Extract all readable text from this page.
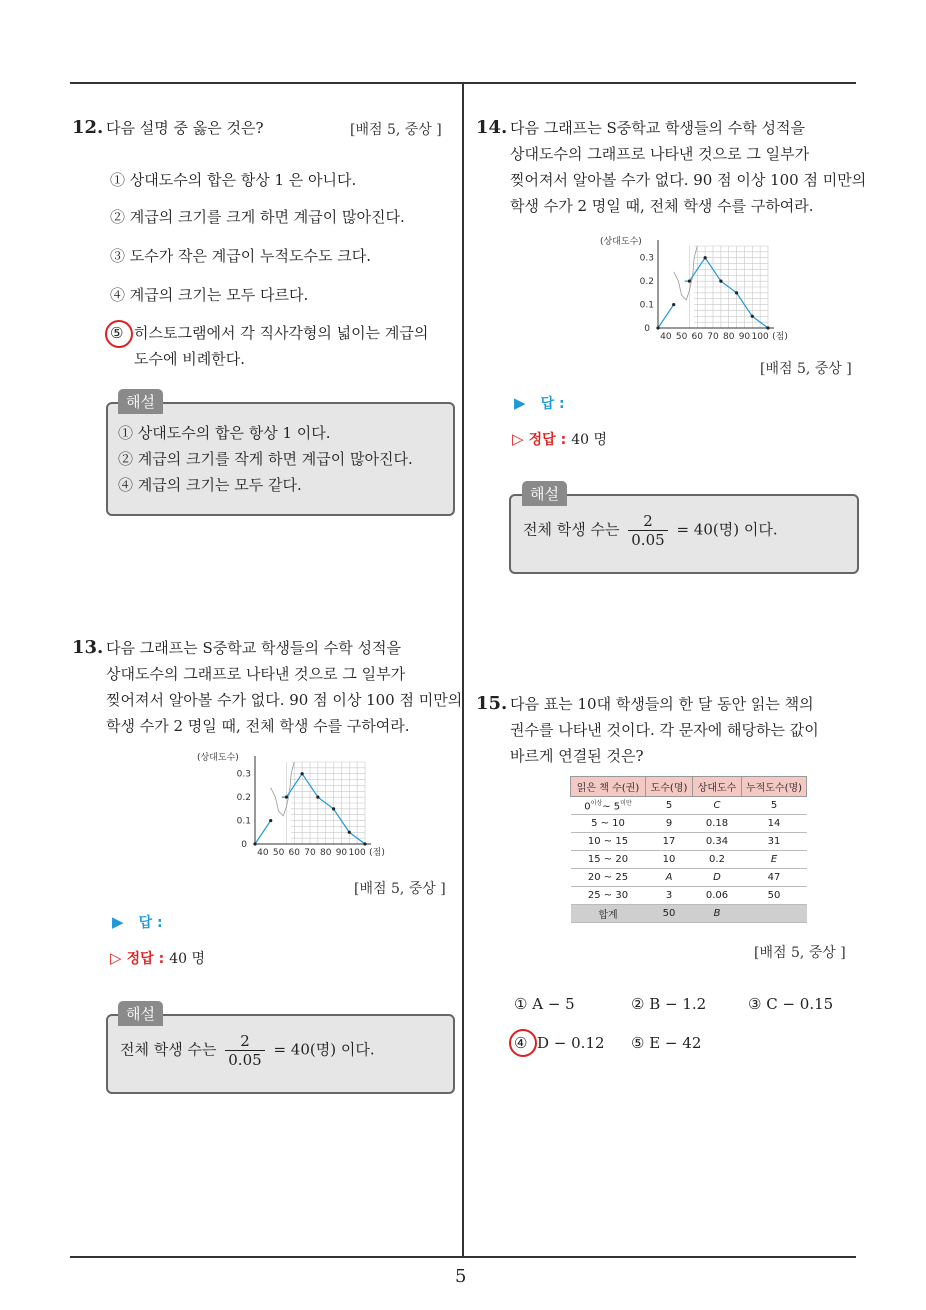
5
12. 다음 설명 중 옳은 것은?	[배점 5, 중상 ]
① 상대도수의 합은 항상 1 은 아니다.
② 계급의 크기를 크게 하면 계급이 많아진다.
③ 도수가 작은 계급이 누적도수도 크다.
④ 계급의 크기는 모두 다르다.
⑤ 히스토그램에서 각 직사각형의 넓이는 계급의
도수에 비례한다.
① 상대도수의 합은 항상 1 이다.
② 계급의 크기를 작게 하면 계급이 많아진다.
④ 계급의 크기는 모두 같다.
해설
13. 다음 그래프는 S중학교 학생들의 수학 성적을
상대도수의 그래프로 나타낸 것으로 그 일부가
찢어져서 알아볼 수가 없다. 90 점 이상 100 점 미만의
학생 수가 2 명일 때, 전체 학생 수를 구하여라.
(상대도수)
0.3
0.2
0.1
0
40 50 60 70 80 90 100 (점)
[배점 5, 중상 ]
▶ 답 :
▷ 정답 : 40 명
전체 학생 수는 $\frac{2}{0.05} = 40$(명) 이다.
해설
14. 다음 그래프는 S중학교 학생들의 수학 성적을
상대도수의 그래프로 나타낸 것으로 그 일부가
찢어져서 알아볼 수가 없다. 90 점 이상 100 점 미만의
학생 수가 2 명일 때, 전체 학생 수를 구하여라.
(상대도수)
0.3
0.2
0.1
0
40 50 60 70 80 90 100 (점)
[배점 5, 중상 ]
▶ 답 :
▷ 정답 : 40 명
전체 학생 수는 $\frac{2}{0.05} = 40$(명) 이다.
해설
15. 다음 표는 10대 학생들의 한 달 동안 읽는 책의
권수를 나타낸 것이다. 각 문자에 해당하는 값이
바르게 연결된 것은?
읽은 책 수(권)	도수(명)	상대도수	누적도수(명)
$0^{이상}\sim$ $5^{미만}$	5	C	5
5 ~ 10	9	0.18	14
10 ~ 15	17	0.34	31
15 ~ 20	10	0.2	E
20 ~ 25	A	D	47
25 ~ 30	3	0.06	50
합계	50	B	
[배점 5, 중상 ]
① A − 5	② B − 1.2	③ C − 0.15
④ D − 0.12 ⑤ E − 42
